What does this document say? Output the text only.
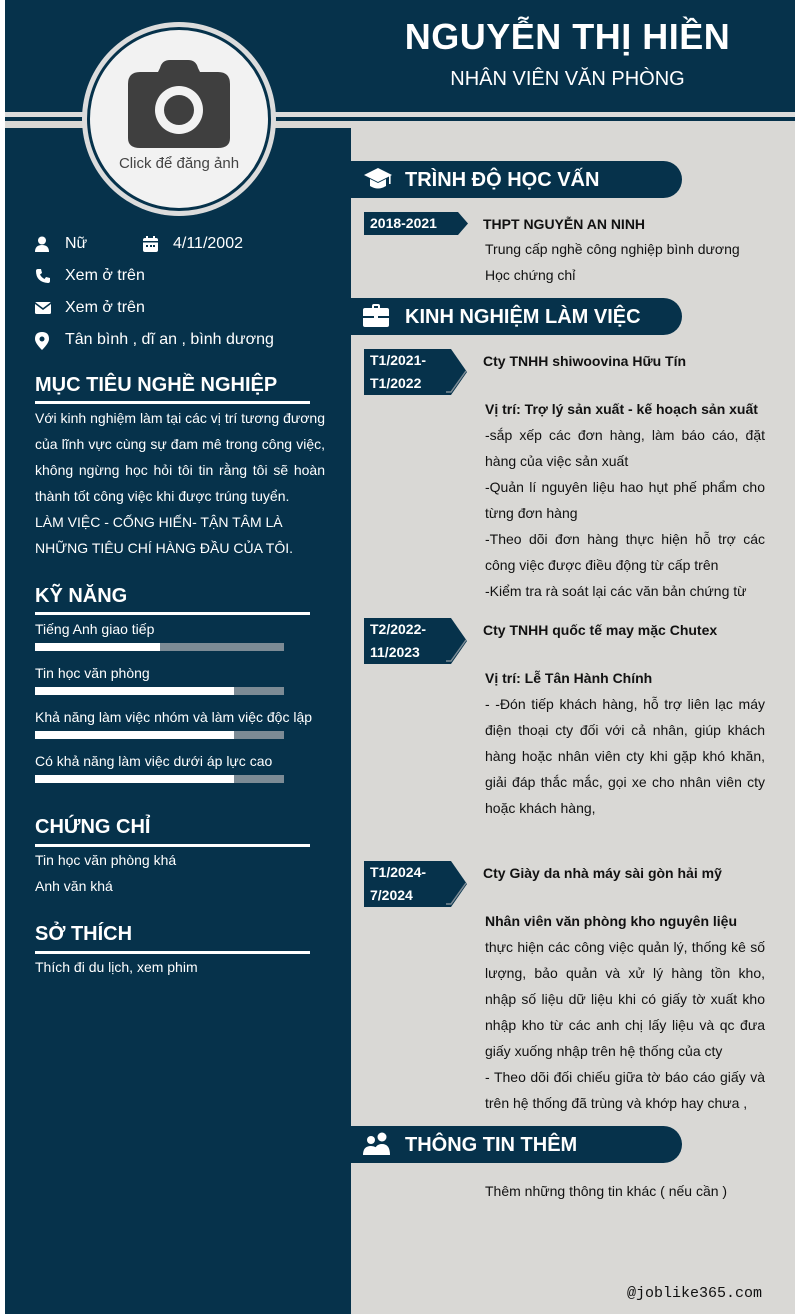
NGUYỄN THỊ HIỀN
NHÂN VIÊN VĂN PHÒNG
Click để đăng ảnh
Nữ	4/11/2002
Xem ở trên
Xem ở trên
Tân bình , dĩ an , bình dương
MỤC TIÊU NGHỀ NGHIỆP
Với kinh nghiệm làm tại các vị trí tương đương của lĩnh vực cùng sự đam mê trong công việc, không ngừng học hỏi tôi tin rằng tôi sẽ hoàn thành tốt công việc khi được trúng tuyển.
LÀM VIỆC - CỐNG HIẾN- TẬN TÂM LÀ NHỮNG TIÊU CHÍ HÀNG ĐẦU CỦA TÔI.
KỸ NĂNG
Tiếng Anh giao tiếp
Tin học văn phòng
Khả năng làm việc nhóm và làm việc độc lập
Có khả năng làm việc dưới áp lực cao
CHỨNG CHỈ
Tin học văn phòng khá
Anh văn khá
SỞ THÍCH
Thích đi du lịch, xem phim
TRÌNH ĐỘ HỌC VẤN
2018-2021	THPT NGUYỄN AN NINH
Trung cấp nghề công nghiệp bình dương
Học chứng chỉ
KINH NGHIỆM LÀM VIỆC
T1/2021-
T1/2022
Cty TNHH shiwoovina Hữu Tín
Vị trí: Trợ lý sản xuất - kế hoạch sản xuất
-sắp xếp các đơn hàng, làm báo cáo, đặt hàng của việc sản xuất
-Quản lí nguyên liệu hao hụt phế phẩm cho từng đơn hàng
-Theo dõi đơn hàng thực hiện hỗ trợ các công việc được điều động từ cấp trên
-Kiểm tra rà soát lại các văn bản chứng từ
T2/2022-
11/2023
Cty TNHH quốc tế may mặc Chutex
Vị trí: Lễ Tân Hành Chính
- -Đón tiếp khách hàng, hỗ trợ liên lạc máy điện thoại cty đối với cả nhân, giúp khách hàng hoặc nhân viên cty khi gặp khó khăn, giải đáp thắc mắc, gọi xe cho nhân viên cty hoặc khách hàng,
T1/2024-
7/2024
Cty Giày da nhà máy sài gòn hải mỹ
Nhân viên văn phòng kho nguyên liệu
thực hiện các công việc quản lý, thống kê số lượng, bảo quản và xử lý hàng tồn kho, nhập số liệu dữ liệu khi có giấy tờ xuất kho nhập kho từ các anh chị lấy liệu và qc đưa giấy xuống nhập trên hệ thống của cty
- Theo dõi đối chiếu giữa tờ báo cáo giấy và trên hệ thống đã trùng và khớp hay chưa ,
THÔNG TIN THÊM
Thêm những thông tin khác ( nếu cần )
@joblike365.com
